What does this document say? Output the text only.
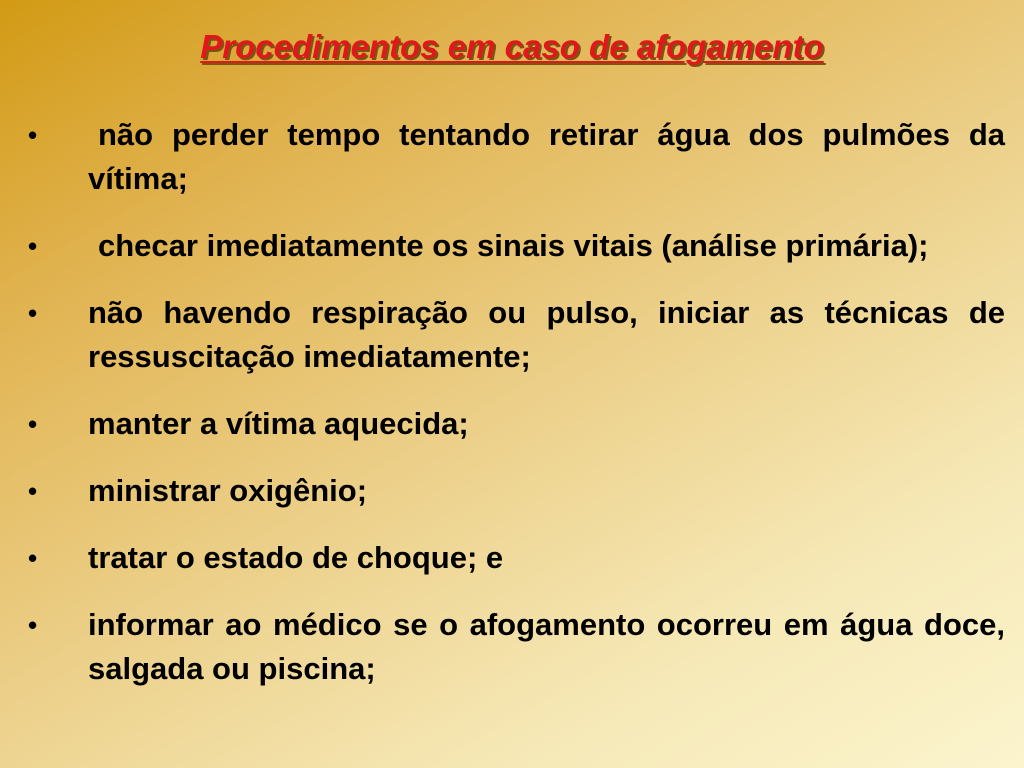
Procedimentos em caso de afogamento
•	não perder tempo tentando retirar água dos pulmões da vítima;
•	checar imediatamente os sinais vitais (análise primária);
•	não havendo respiração ou pulso, iniciar as técnicas de ressuscitação imediatamente;
•	manter a vítima aquecida;
•	ministrar oxigênio;
•	tratar o estado de choque; e
•	informar ao médico se o afogamento ocorreu em água doce, salgada ou piscina;
